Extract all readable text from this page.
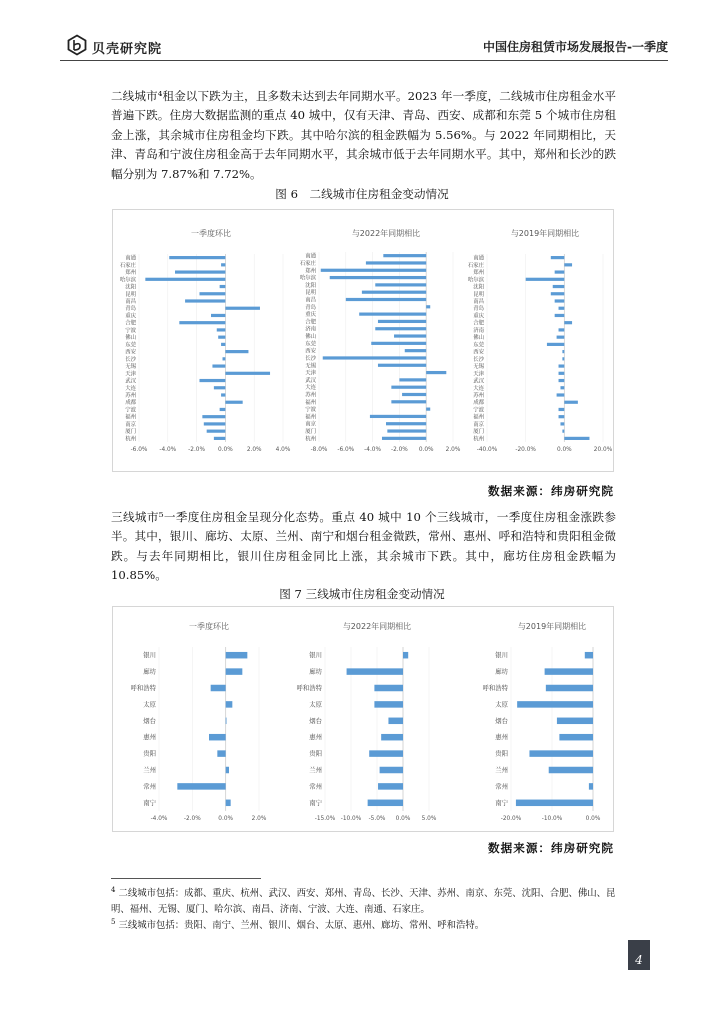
贝壳研究院	中国住房租赁市场发展报告-一季度

二线城市⁴租金以下跌为主，且多数未达到去年同期水平。2023 年一季度，二线城市住房租金水平普遍下跌。住房大数据监测的重点 40 城中，仅有天津、青岛、西安、成都和东莞 5 个城市住房租金上涨，其余城市住房租金均下跌。其中哈尔滨的租金跌幅为 5.56%。与 2022 年同期相比，天津、青岛和宁波住房租金高于去年同期水平，其余城市低于去年同期水平。其中，郑州和长沙的跌幅分别为 7.87%和 7.72%。

图 6　二线城市住房租金变动情况
一季度环比
-6.0% -4.0% -2.0% 0.0% 2.0% 4.0%
南通
石家庄
郑州
哈尔滨
沈阳
昆明
南昌
青岛
重庆
合肥
宁波
佛山
东莞
西安
长沙
无锡
天津
武汉
大连
苏州
成都
宁波
福州
南京
厦门
杭州
与2022年同期相比
-8.0% -6.0% -4.0% -2.0% 0.0% 2.0%
南通
石家庄
郑州
哈尔滨
沈阳
昆明
南昌
青岛
重庆
合肥
济南
佛山
东莞
西安
长沙
无锡
天津
武汉
大连
苏州
福州
宁波
福州
南京
厦门
杭州
与2019年同期相比
-40.0%	-20.0%	0.0%	20.0%
南通
石家庄
郑州
哈尔滨
沈阳
昆明
南昌
青岛
重庆
合肥
济南
佛山
东莞
西安
长沙
无锡
天津
武汉
大连
苏州
成都
宁波
福州
南京
厦门
杭州
数据来源：纬房研究院

三线城市⁵一季度住房租金呈现分化态势。重点 40 城中 10 个三线城市，一季度住房租金涨跌参半。其中，银川、廊坊、太原、兰州、南宁和烟台租金微跌，常州、惠州、呼和浩特和贵阳租金微跌。与去年同期相比，银川住房租金同比上涨，其余城市下跌。其中，廊坊住房租金跌幅为 10.85%。

图 7 三线城市住房租金变动情况
一季度环比
-4.0%	-2.0%	0.0%	2.0%
银川
廊坊
呼和浩特
太原
烟台
惠州
贵阳
兰州
常州
南宁
与2022年同期相比
-15.0% -10.0% -5.0% 0.0% 5.0%
银川
廊坊
呼和浩特
太原
烟台
惠州
贵阳
兰州
常州
南宁
与2019年同期相比
-20.0%	-10.0%	0.0%
银川
廊坊
呼和浩特
太原
烟台
惠州
贵阳
兰州
常州
南宁
数据来源：纬房研究院

$^4$ 二线城市包括：成都、重庆、杭州、武汉、西安、郑州、青岛、长沙、天津、苏州、南京、东莞、沈阳、合肥、佛山、昆明、福州、无锡、厦门、哈尔滨、南昌、济南、宁波、大连、南通、石家庄。

$^5$ 三线城市包括：贵阳、南宁、兰州、银川、烟台、太原、惠州、廊坊、常州、呼和浩特。

4
